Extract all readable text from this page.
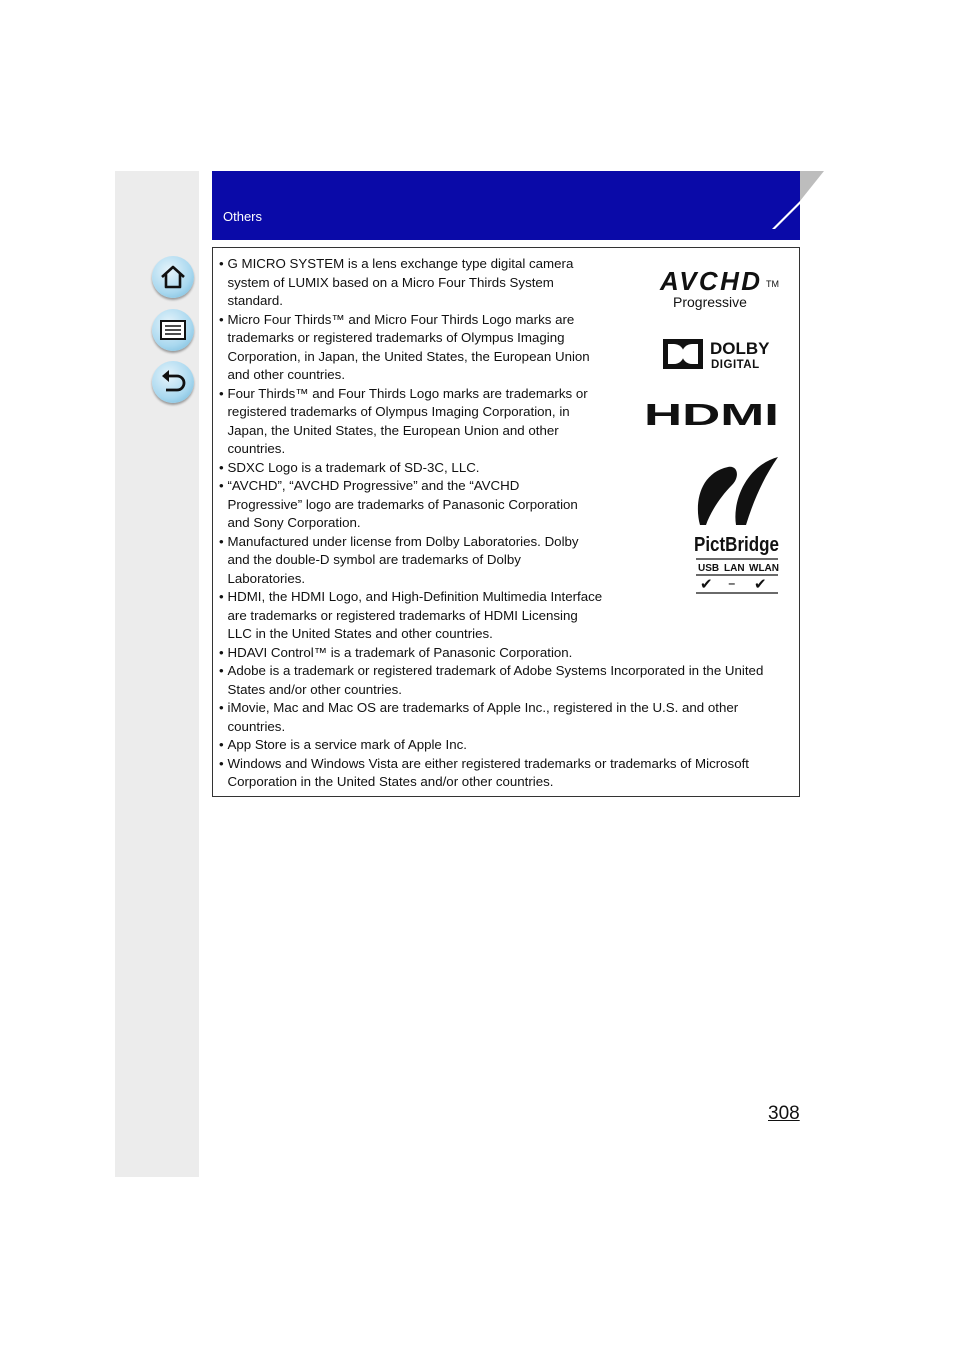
Others
• G MICRO SYSTEM is a lens exchange type digital camera system of LUMIX based on a Micro Four Thirds System standard.
• Micro Four Thirds™ and Micro Four Thirds Logo marks are trademarks or registered trademarks of Olympus Imaging Corporation, in Japan, the United States, the European Union and other countries.
• Four Thirds™ and Four Thirds Logo marks are trademarks or registered trademarks of Olympus Imaging Corporation, in Japan, the United States, the European Union and other countries.
• SDXC Logo is a trademark of SD-3C, LLC.
• “AVCHD”, “AVCHD Progressive” and the “AVCHD Progressive” logo are trademarks of Panasonic Corporation and Sony Corporation.
• Manufactured under license from Dolby Laboratories. Dolby and the double-D symbol are trademarks of Dolby Laboratories.
• HDMI, the HDMI Logo, and High-Definition Multimedia Interface are trademarks or registered trademarks of HDMI Licensing LLC in the United States and other countries.
• HDAVI Control™ is a trademark of Panasonic Corporation.
• Adobe is a trademark or registered trademark of Adobe Systems Incorporated in the United States and/or other countries.
• iMovie, Mac and Mac OS are trademarks of Apple Inc., registered in the U.S. and other countries.
• App Store is a service mark of Apple Inc.
• Windows and Windows Vista are either registered trademarks or trademarks of Microsoft Corporation in the United States and/or other countries.
AVCHD TM
Progressive
DOLBY
DIGITAL
HDMI
PictBridge
USB LAN WLAN
✔ – ✔
308
